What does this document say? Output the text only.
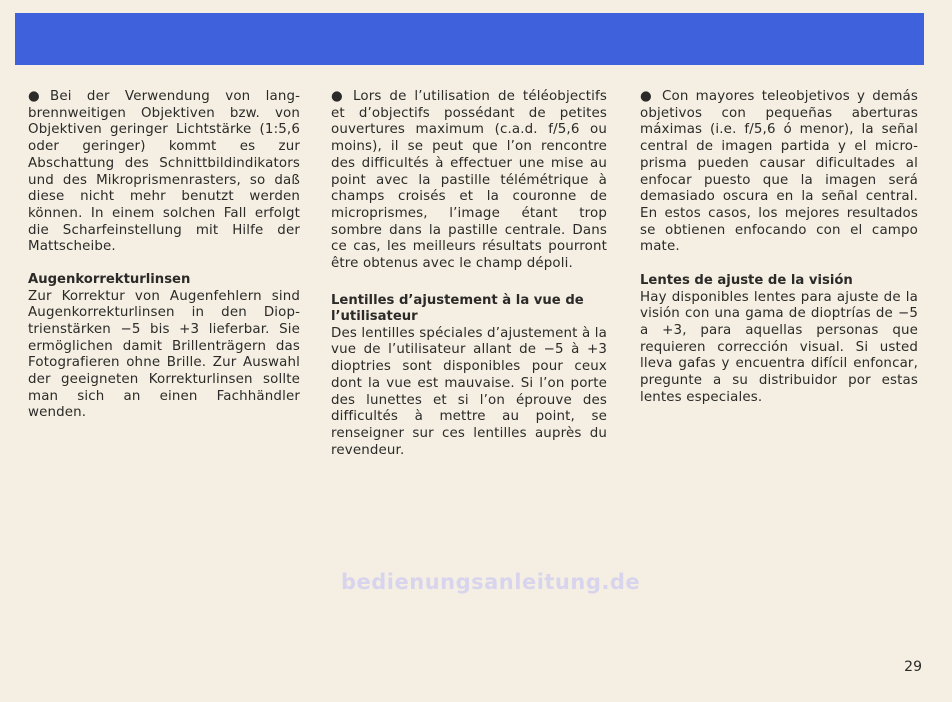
● Bei der Verwendung von langbrennweitigen Objektiven bzw. von Objektiven geringer Lichtstärke (1:5,6 oder geringer) kommt es zur Abschattung des Schnittbildindikators und des Mikroprismenrasters, so daß diese nicht mehr benutzt werden können. In einem solchen Fall erfolgt die Scharfeinstellung mit Hilfe der Mattscheibe.

Augenkorrekturlinsen

Zur Korrektur von Augenfehlern sind Augenkorrekturlinsen in den Dioptrienstärken −5 bis +3 lieferbar. Sie ermöglichen damit Brillenträgern das Fotografieren ohne Brille. Zur Auswahl der geeigneten Korrekturlinsen sollte man sich an einen Fachhändler wenden.

● Lors de l’utilisation de téléobjectifs et d’objectifs possédant de petites ouvertures maximum (c.a.d. f/5,6 ou moins), il se peut que l’on rencontre des difficultés à effectuer une mise au point avec la pastille télémétrique à champs croisés et la couronne de microprismes, l’image étant trop sombre dans la pastille centrale. Dans ce cas, les meilleurs résultats pourront être obtenus avec le champ dépoli.

Lentilles d’ajustement à la vue de l’utilisateur

Des lentilles spéciales d’ajustement à la vue de l’utilisateur allant de −5 à +3 dioptries sont disponibles pour ceux dont la vue est mauvaise. Si l’on porte des lunettes et si l’on éprouve des difficultés à mettre au point, se renseigner sur ces lentilles auprès du revendeur.

● Con mayores teleobjetivos y demás objetivos con pequeñas aberturas máximas (i.e. f/5,6 ó menor), la señal central de imagen partida y el microprisma pueden causar dificultades al enfocar puesto que la imagen será demasiado oscura en la señal central. En estos casos, los mejores resultados se obtienen enfocando con el campo mate.

Lentes de ajuste de la visión

Hay disponibles lentes para ajuste de la visión con una gama de dioptrías de −5 a +3, para aquellas personas que requieren corrección visual. Si usted lleva gafas y encuentra difícil enfoncar, pregunte a su distribuidor por estas lentes especiales.

bedienungsanleitung.de
29
